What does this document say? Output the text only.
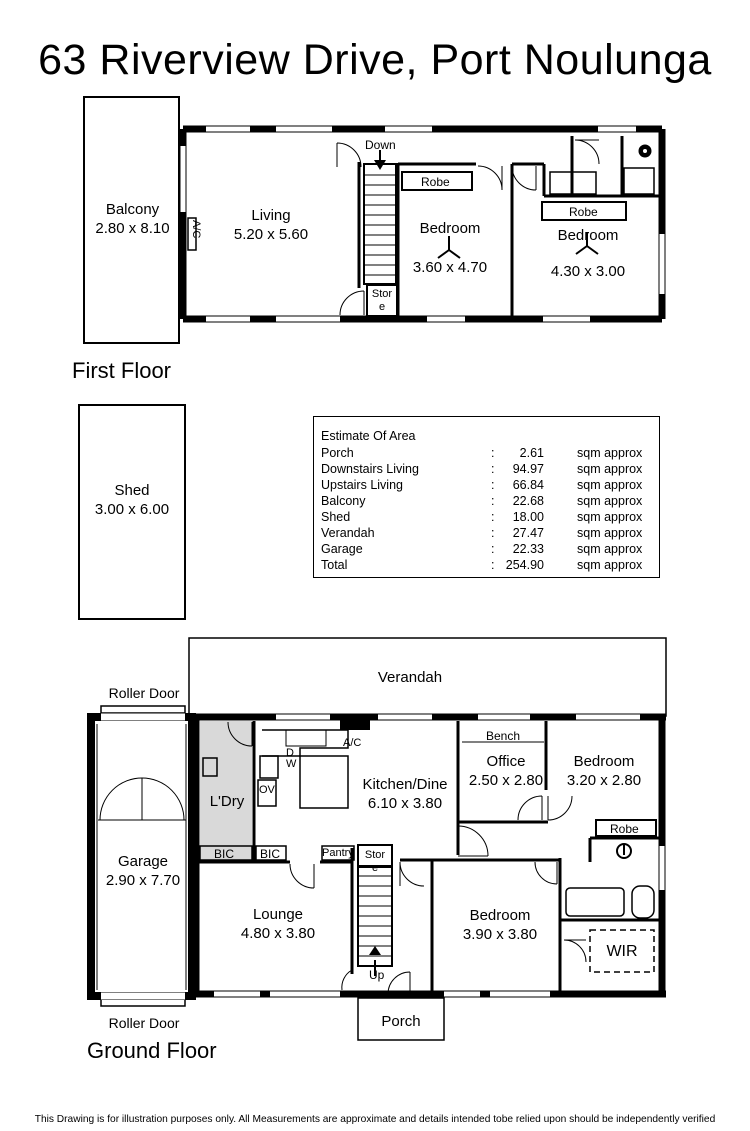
63 Riverview Drive, Port Noulunga
First Floor
Balcony
2.80 x 8.10
Living
5.20 x 5.60	Bedroom
3.60 x 4.70
Bedroom
4.30 x 3.00
Down
Robe
Robe
Store
A/C
Shed
3.00 x 6.00
Estimate Of Area
Porch	: 2.61	sqm approx
Downstairs Living	: 94.97	sqm approx
Upstairs Living	: 66.84	sqm approx
Balcony	: 22.68	sqm approx
Shed	: 18.00	sqm approx
Verandah	: 27.47	sqm approx
Garage	: 22.33	sqm approx
Total	: 254.90	sqm approx
Verandah
Roller Door
Roller Door
Garage
2.90 x 7.70
L'Dry
Kitchen/Dine
6.10 x 3.80
Office
2.50 x 2.80
Bedroom
3.20 x 2.80
Lounge
4.80 x 3.80
Bedroom
3.90 x 3.80
Porch
WIR
BIC BIC	Pantry Store
Up
Bench
Robe
A/C
D W
OV
Ground Floor
This Drawing is for illustration purposes only. All Measurements are approximate and details intended tobe relied upon should be independently verified
